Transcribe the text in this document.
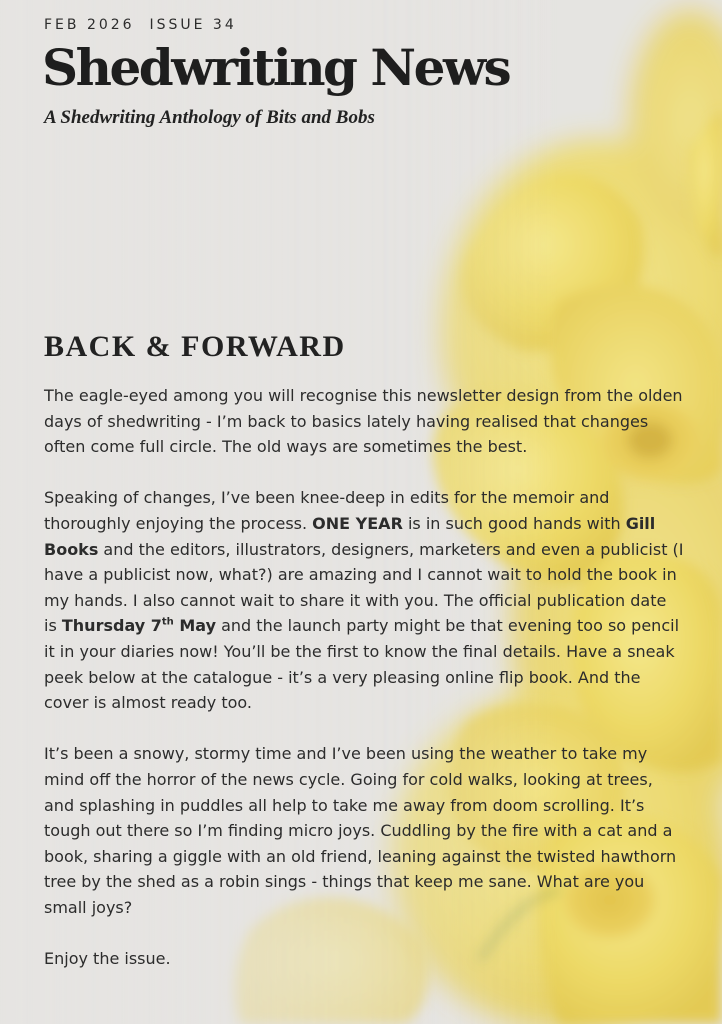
FEB 2026  ISSUE 34
Shedwriting News
A Shedwriting Anthology of Bits and Bobs
BACK & FORWARD

The eagle-eyed among you will recognise this newsletter design from the olden days of shedwriting - I’m back to basics lately having realised that changes often come full circle. The old ways are sometimes the best.

Speaking of changes, I’ve been knee-deep in edits for the memoir and thoroughly enjoying the process. ONE YEAR is in such good hands with Gill Books and the editors, illustrators, designers, marketers and even a publicist (I have a publicist now, what?) are amazing and I cannot wait to hold the book in my hands. I also cannot wait to share it with you. The official publication date is Thursday 7th May and the launch party might be that evening too so pencil it in your diaries now! You’ll be the first to know the final details. Have a sneak peek below at the catalogue - it’s a very pleasing online flip book. And the cover is almost ready too.

It’s been a snowy, stormy time and I’ve been using the weather to take my mind off the horror of the news cycle. Going for cold walks, looking at trees, and splashing in puddles all help to take me away from doom scrolling. It’s tough out there so I’m finding micro joys. Cuddling by the fire with a cat and a book, sharing a giggle with an old friend, leaning against the twisted hawthorn tree by the shed as a robin sings - things that keep me sane. What are you small joys?

Enjoy the issue.
